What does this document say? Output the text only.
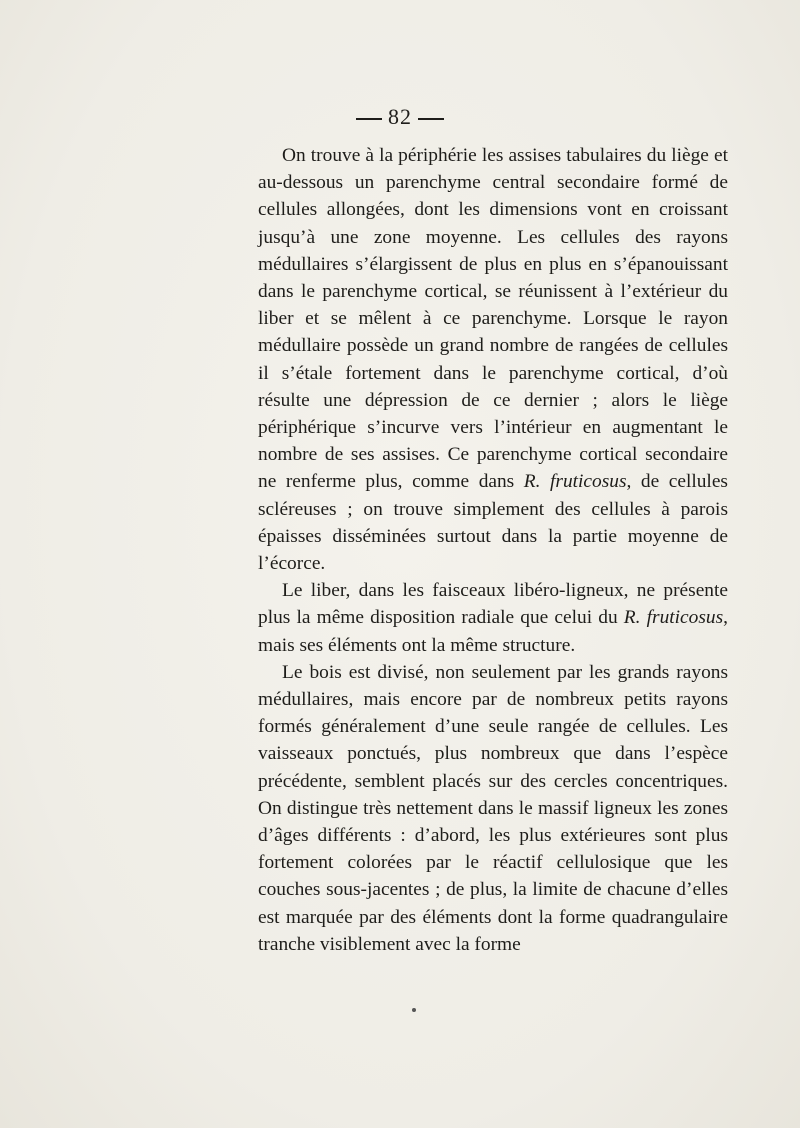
82

On trouve à la périphérie les assises tabulaires du liège et au-dessous un parenchyme central secondaire formé de cellules allongées, dont les dimensions vont en croissant jusqu’à une zone moyenne. Les cellules des rayons médullaires s’élargissent de plus en plus en s’épanouissant dans le parenchyme cortical, se réunissent à l’extérieur du liber et se mêlent à ce parenchyme. Lorsque le rayon médullaire possède un grand nombre de rangées de cellules il s’étale fortement dans le parenchyme cortical, d’où résulte une dépression de ce dernier ; alors le liège périphérique s’incurve vers l’intérieur en augmentant le nombre de ses assises. Ce parenchyme cortical secondaire ne renferme plus, comme dans R. fruticosus, de cellules scléreuses ; on trouve simplement des cellules à parois épaisses disséminées surtout dans la partie moyenne de l’écorce.

Le liber, dans les faisceaux libéro-ligneux, ne présente plus la même disposition radiale que celui du R. fruticosus, mais ses éléments ont la même structure.

Le bois est divisé, non seulement par les grands rayons médullaires, mais encore par de nombreux petits rayons formés généralement d’une seule rangée de cellules. Les vaisseaux ponctués, plus nombreux que dans l’espèce précédente, semblent placés sur des cercles concentriques. On distingue très nettement dans le massif ligneux les zones d’âges différents : d’abord, les plus extérieures sont plus fortement colorées par le réactif cellulosique que les couches sous-jacentes ; de plus, la limite de chacune d’elles est marquée par des éléments dont la forme quadrangulaire tranche visiblement avec la forme
